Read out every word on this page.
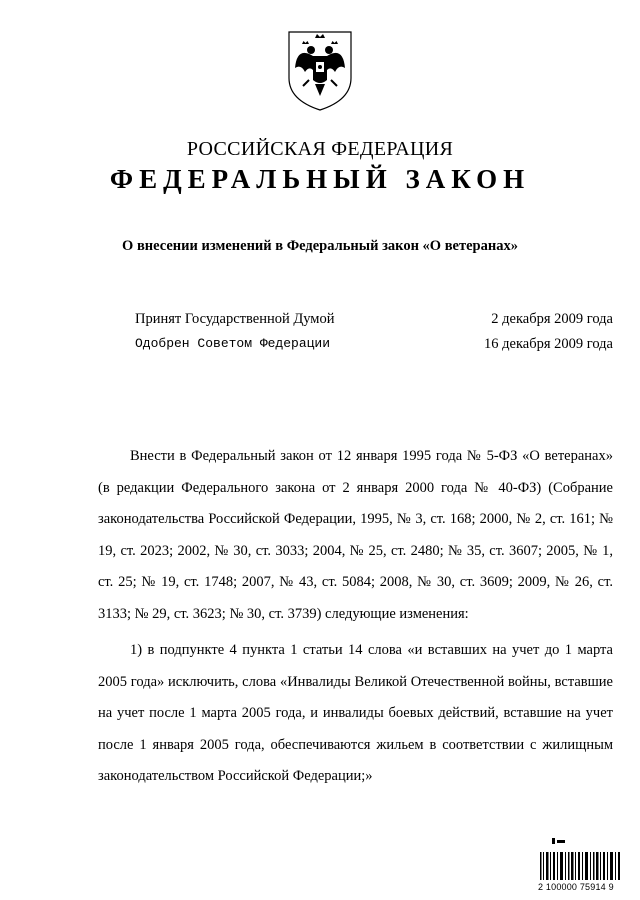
РОССИЙСКАЯ ФЕДЕРАЦИЯ
ФЕДЕРАЛЬНЫЙ ЗАКОН
О внесении изменений в Федеральный закон «О ветеранах»
Принят Государственной Думой	2 декабря 2009 года
Одобрен Советом Федерации	16 декабря 2009 года

Внести в Федеральный закон от 12 января 1995 года № 5-ФЗ «О ветеранах» (в редакции Федерального закона от 2 января 2000 года № 40-ФЗ) (Собрание законодательства Российской Федерации, 1995, № 3, ст. 168; 2000, № 2, ст. 161; № 19, ст. 2023; 2002, № 30, ст. 3033; 2004, № 25, ст. 2480; № 35, ст. 3607; 2005, № 1, ст. 25; № 19, ст. 1748; 2007, № 43, ст. 5084; 2008, № 30, ст. 3609; 2009, № 26, ст. 3133; № 29, ст. 3623; № 30, ст. 3739) следующие изменения:

1) в подпункте 4 пункта 1 статьи 14 слова «и вставших на учет до 1 марта 2005 года» исключить, слова «Инвалиды Великой Отечественной войны, вставшие на учет после 1 марта 2005 года, и инвалиды боевых действий, вставшие на учет после 1 января 2005 года, обеспечиваются жильем в соответствии с жилищным законодательством Российской Федерации;»

2 100000 75914 9
